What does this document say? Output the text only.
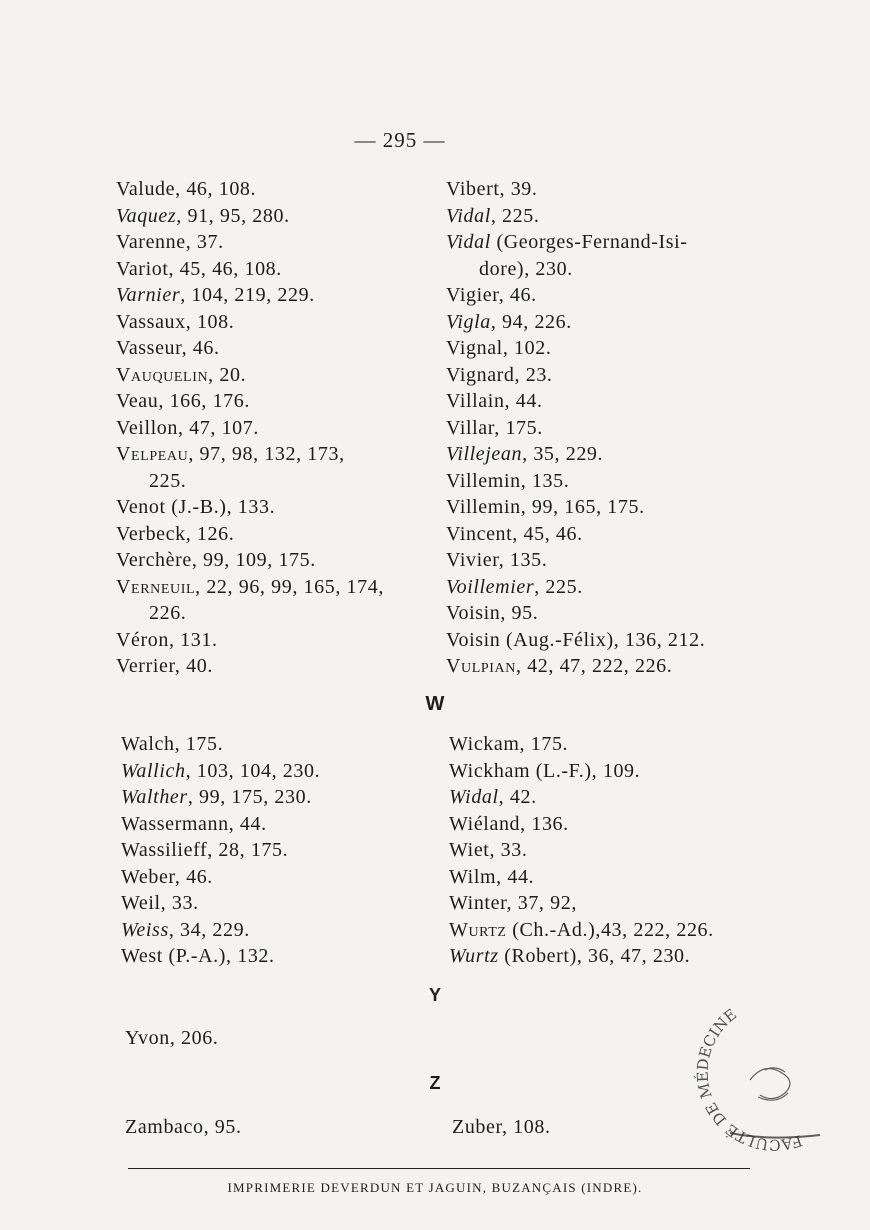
— 295 —
Valude, 46, 108.
Vaquez, 91, 95, 280.
Varenne, 37.
Variot, 45, 46, 108.
Varnier, 104, 219, 229.
Vassaux, 108.
Vasseur, 46.
Vauquelin, 20.
Veau, 166, 176.
Veillon, 47, 107.
Velpeau, 97, 98, 132, 173,
225.
Venot (J.-B.), 133.
Verbeck, 126.
Verchère, 99, 109, 175.
Verneuil, 22, 96, 99, 165, 174,
226.
Véron, 131.
Verrier, 40.
Vibert, 39.
Vidal, 225.
Vidal (Georges-Fernand-Isi-
dore), 230.
Vigier, 46.
Vigla, 94, 226.
Vignal, 102.
Vignard, 23.
Villain, 44.
Villar, 175.
Villejean, 35, 229.
Villemin, 135.
Villemin, 99, 165, 175.
Vincent, 45, 46.
Vivier, 135.
Voillemier, 225.
Voisin, 95.
Voisin (Aug.-Félix), 136, 212.
Vulpian, 42, 47, 222, 226.
W
Walch, 175.
Wallich, 103, 104, 230.
Walther, 99, 175, 230.
Wassermann, 44.
Wassilieff, 28, 175.
Weber, 46.
Weil, 33.
Weiss, 34, 229.
West (P.-A.), 132.
Wickam, 175.
Wickham (L.-F.), 109.
Widal, 42.
Wiéland, 136.
Wiet, 33.
Wilm, 44.
Winter, 37, 92,
Wurtz (Ch.-Ad.),43, 222, 226.
Wurtz (Robert), 36, 47, 230.
Y
Yvon, 206.
Z
Zambaco, 95.	Zuber, 108.
IMPRIMERIE DEVERDUN ET JAGUIN, BUZANÇAIS (INDRE).
FACULTÉ DE MÉDECINE
